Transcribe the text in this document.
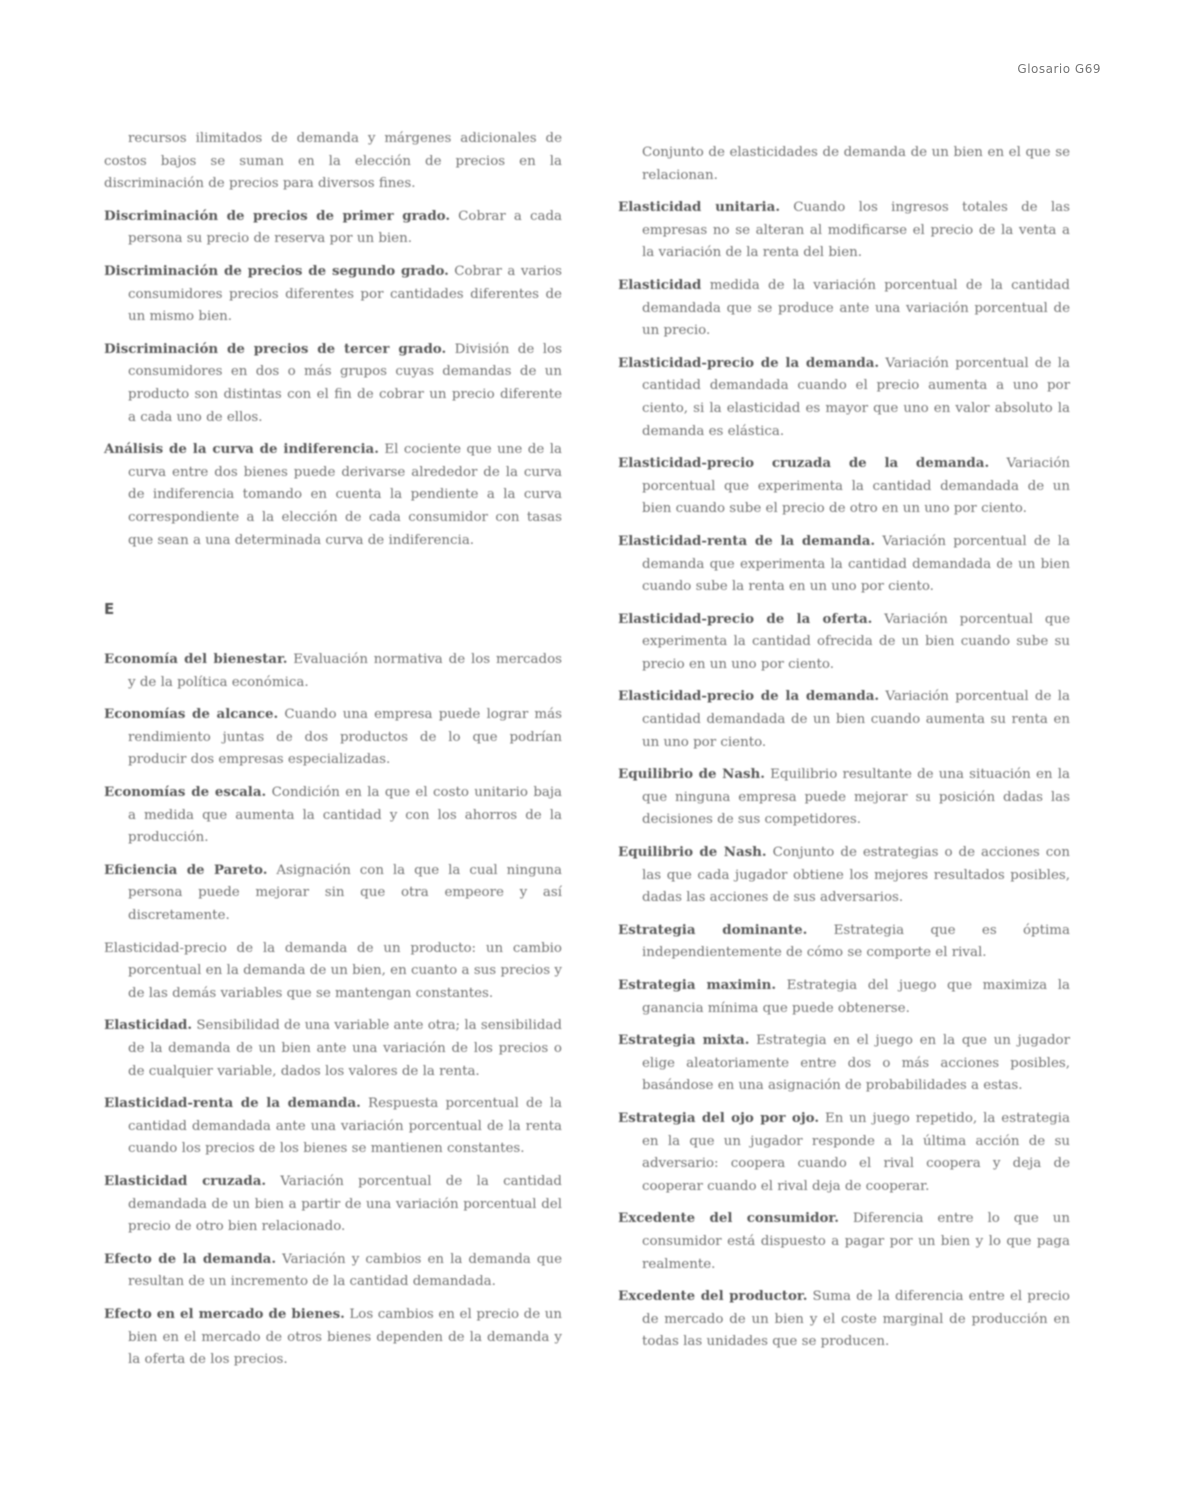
Glosario G69

recursos ilimitados de demanda y márgenes adicionales de costos bajos se suman en la elección de precios en la discriminación de precios para diversos fines.

Discriminación de precios de primer grado. Cobrar a cada persona su precio de reserva por un bien.

Discriminación de precios de segundo grado. Cobrar a varios consumidores precios diferentes por cantidades diferentes de un mismo bien.

Discriminación de precios de tercer grado. División de los consumidores en dos o más grupos cuyas demandas de un producto son distintas con el fin de cobrar un precio diferente a cada uno de ellos.

Análisis de la curva de indiferencia. El cociente que une de la curva entre dos bienes puede derivarse alrededor de la curva de indiferencia tomando en cuenta la pendiente a la curva correspondiente a la elección de cada consumidor con tasas que sean a una determinada curva de indiferencia.

E

Economía del bienestar. Evaluación normativa de los mercados y de la política económica.

Economías de alcance. Cuando una empresa puede lograr más rendimiento juntas de dos productos de lo que podrían producir dos empresas especializadas.

Economías de escala. Condición en la que el costo unitario baja a medida que aumenta la cantidad y con los ahorros de la producción.

Eficiencia de Pareto. Asignación con la que la cual ninguna persona puede mejorar sin que otra empeore y así discretamente.

Elasticidad-precio de la demanda de un producto: un cambio porcentual en la demanda de un bien, en cuanto a sus precios y de las demás variables que se mantengan constantes.

Elasticidad. Sensibilidad de una variable ante otra; la sensibilidad de la demanda de un bien ante una variación de los precios o de cualquier variable, dados los valores de la renta.

Elasticidad-renta de la demanda. Respuesta porcentual de la cantidad demandada ante una variación porcentual de la renta cuando los precios de los bienes se mantienen constantes.

Elasticidad cruzada. Variación porcentual de la cantidad demandada de un bien a partir de una variación porcentual del precio de otro bien relacionado.

Efecto de la demanda. Variación y cambios en la demanda que resultan de un incremento de la cantidad demandada.

Efecto en el mercado de bienes. Los cambios en el precio de un bien en el mercado de otros bienes dependen de la demanda y la oferta de los precios.

Conjunto de elasticidades de demanda de un bien en el que se relacionan.

Elasticidad unitaria. Cuando los ingresos totales de las empresas no se alteran al modificarse el precio de la venta a la variación de la renta del bien.

Elasticidad medida de la variación porcentual de la cantidad demandada que se produce ante una variación porcentual de un precio.

Elasticidad-precio de la demanda. Variación porcentual de la cantidad demandada cuando el precio aumenta a uno por ciento, si la elasticidad es mayor que uno en valor absoluto la demanda es elástica.

Elasticidad-precio cruzada de la demanda. Variación porcentual que experimenta la cantidad demandada de un bien cuando sube el precio de otro en un uno por ciento.

Elasticidad-renta de la demanda. Variación porcentual de la demanda que experimenta la cantidad demandada de un bien cuando sube la renta en un uno por ciento.

Elasticidad-precio de la oferta. Variación porcentual que experimenta la cantidad ofrecida de un bien cuando sube su precio en un uno por ciento.

Elasticidad-precio de la demanda. Variación porcentual de la cantidad demandada de un bien cuando aumenta su renta en un uno por ciento.

Equilibrio de Nash. Equilibrio resultante de una situación en la que ninguna empresa puede mejorar su posición dadas las decisiones de sus competidores.

Equilibrio de Nash. Conjunto de estrategias o de acciones con las que cada jugador obtiene los mejores resultados posibles, dadas las acciones de sus adversarios.

Estrategia dominante. Estrategia que es óptima independientemente de cómo se comporte el rival.

Estrategia maximin. Estrategia del juego que maximiza la ganancia mínima que puede obtenerse.

Estrategia mixta. Estrategia en el juego en la que un jugador elige aleatoriamente entre dos o más acciones posibles, basándose en una asignación de probabilidades a estas.

Estrategia del ojo por ojo. En un juego repetido, la estrategia en la que un jugador responde a la última acción de su adversario: coopera cuando el rival coopera y deja de cooperar cuando el rival deja de cooperar.

Excedente del consumidor. Diferencia entre lo que un consumidor está dispuesto a pagar por un bien y lo que paga realmente.

Excedente del productor. Suma de la diferencia entre el precio de mercado de un bien y el coste marginal de producción en todas las unidades que se producen.
